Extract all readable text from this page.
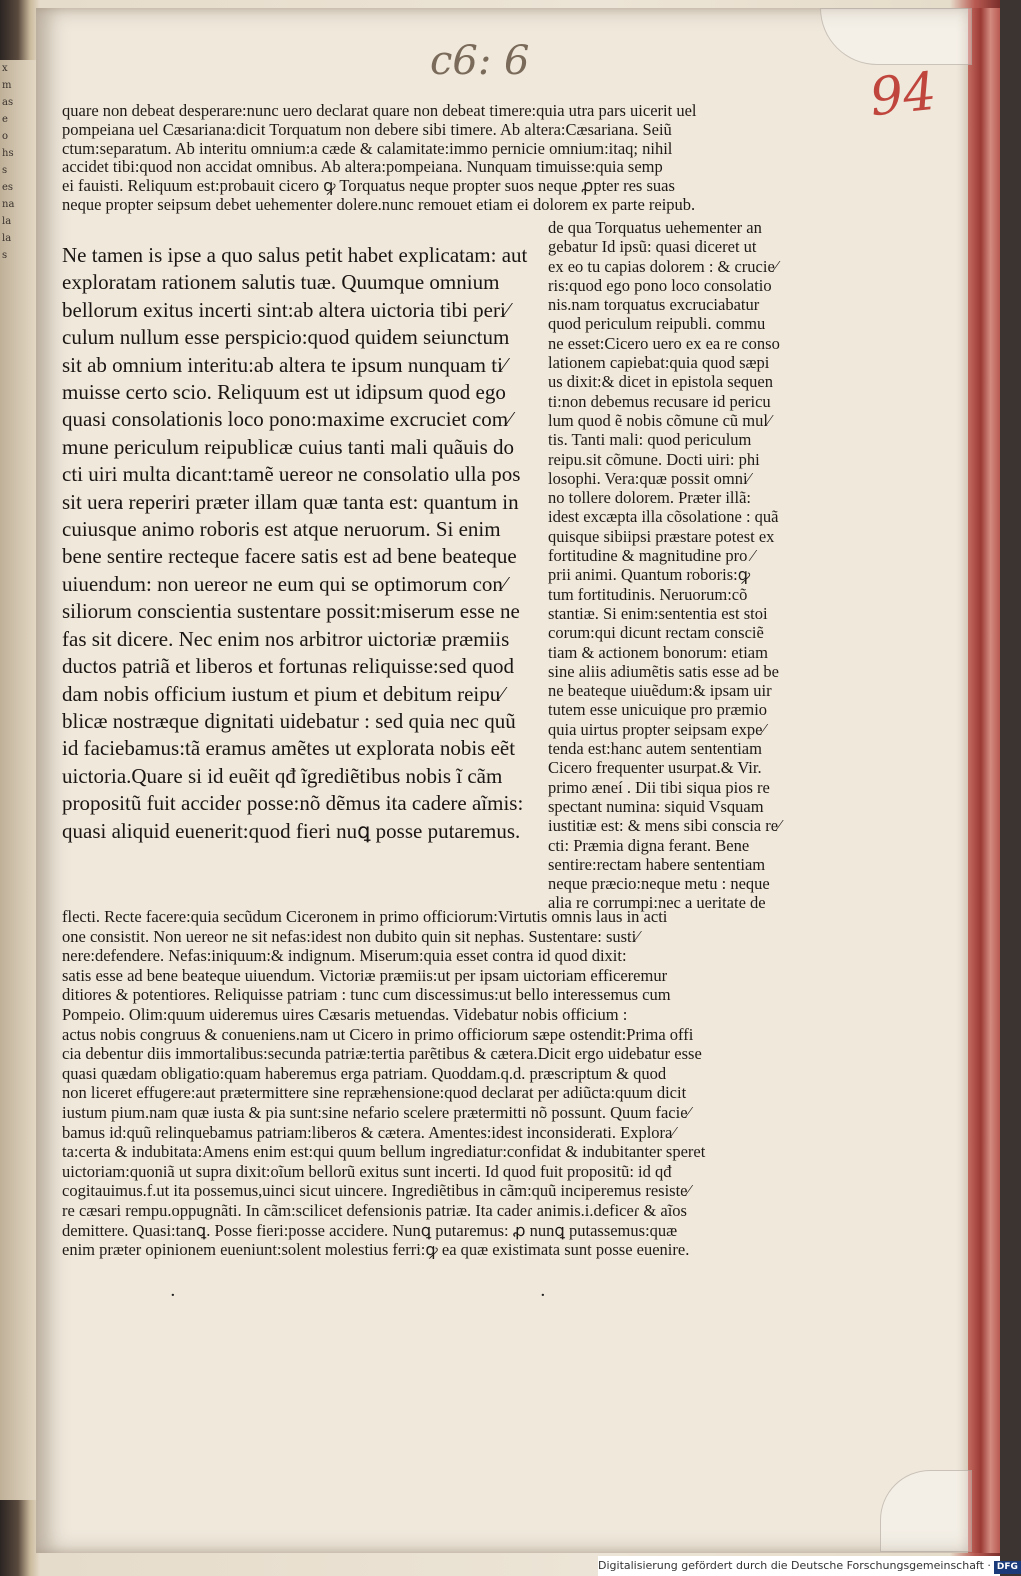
x
m
as
e
o
hs
s
es
na
la
la
s
c6: 6
94

quare non debeat desperare:nunc uero declarat quare non debeat timere:quia utra pars uicerit uel

pompeiana uel Cæsariana:dicit Torquatum non debere sibi timere. Ab altera:Cæsariana. Seiũ

ctum:separatum. Ab interitu omnium:a cæde & calamitate:immo pernicie omnium:itaq; nihil

accidet tibi:quod non accidat omnibus. Ab altera:pompeiana. Nunquam timuisse:quia semp

ei fauisti. Reliquum est:probauit cicero ꝙ Torquatus neque propter suos neque ꝓpter res suas

neque propter seipsum debet uehementer dolere.nunc remouet etiam ei dolorem ex parte reipub.

Ne tamen is ipse a quo salus petit habet explicatam: aut

exploratam rationem salutis tuæ. Quumque omnium

bellorum exitus incerti sint:ab altera uictoria tibi peri⁄

culum nullum esse perspicio:quod quidem seiunctum

sit ab omnium interitu:ab altera te ipsum nunquam ti⁄

muisse certo scio. Reliquum est ut idipsum quod ego

quasi consolationis loco pono:maxime excruciet com⁄

mune periculum reipublicæ cuius tanti mali quãuis do

cti uiri multa dicant:tamẽ uereor ne consolatio ulla pos

sit uera reperiri præter illam quæ tanta est: quantum in

cuiusque animo roboris est atque neruorum. Si enim

bene sentire recteque facere satis est ad bene beateque

uiuendum: non uereor ne eum qui se optimorum con⁄

siliorum conscientia sustentare possit:miserum esse ne

fas sit dicere. Nec enim nos arbitror uictoriæ præmiis

ductos patriã et liberos et fortunas reliquisse:sed quod

dam nobis officium iustum et pium et debitum reipu⁄

blicæ nostræque dignitati uidebatur : sed quia nec quũ

id faciebamus:tã eramus amẽtes ut explorata nobis eẽt

uictoria.Quare si id euẽit qđ ĩgrediẽtibus nobis ĩ cãm

propositũ fuit accideɾ posse:nõ dẽmus ita cadere aĩmis:

quasi aliquid euenerit:quod fieri nuꝗ posse putaremus.

de qua Torquatus uehementer an

gebatur Id ipsũ: quasi diceret ut

ex eo tu capias dolorem : & crucie⁄

ris:quod ego pono loco consolatio

nis.nam torquatus excruciabatur

quod periculum reipubli. commu

ne esset:Cicero uero ex ea re conso

lationem capiebat:quia quod sæpi

us dixit:& dicet in epistola sequen

ti:non debemus recusare id pericu

lum quod ẽ nobis cõmune cũ mul⁄

tis. Tanti mali: quod periculum

reipu.sit cõmune. Docti uiri: phi

losophi. Vera:quæ possit omni⁄

no tollere dolorem. Præter illã:

idest excæpta illa cõsolatione : quã

quisque sibiipsi præstare potest ex

fortitudine & magnitudine pro ⁄

prii animi. Quantum roboris:ꝙ

tum fortitudinis. Neruorum:cõ

stantiæ. Si enim:sententia est stoi

corum:qui dicunt rectam consciẽ

tiam & actionem bonorum: etiam

sine aliis adiumẽtis satis esse ad be

ne beateque uiuẽdum:& ipsam uir

tutem esse unicuique pro præmio

quia uirtus propter seipsam expe⁄

tenda est:hanc autem sententiam

Cicero frequenter usurpat.& Vir.

primo æneí . Dii tibi siqua pios re

spectant numina: siquid Vsquam

iustitiæ est: & mens sibi conscia re⁄

cti: Præmia digna ferant. Bene

sentire:rectam habere sententiam

neque præcio:neque metu : neque

alia re corrumpi:nec a ueritate de

flecti. Recte facere:quia secũdum Ciceronem in primo officiorum:Virtutis omnis laus in acti

one consistit. Non uereor ne sit nefas:idest non dubito quin sit nephas. Sustentare: susti⁄

nere:defendere. Nefas:iniquum:& indignum. Miserum:quia esset contra id quod dixit:

satis esse ad bene beateque uiuendum. Victoriæ præmiis:ut per ipsam uictoriam efficeremur

ditiores & potentiores. Reliquisse patriam : tunc cum discessimus:ut bello interessemus cum

Pompeio. Olim:quum uideremus uires Cæsaris metuendas. Videbatur nobis officium :

actus nobis congruus & conueniens.nam ut Cicero in primo officiorum sæpe ostendit:Prima offi

cia debentur diis immortalibus:secunda patriæ:tertia parẽtibus & cætera.Dicit ergo uidebatur esse

quasi quædam obligatio:quam haberemus erga patriam. Quoddam.q.d. præscriptum & quod

non liceret effugere:aut prætermittere sine repræhensione:quod declarat per adiũcta:quum dicit

iustum pium.nam quæ iusta & pia sunt:sine nefario scelere prætermitti nõ possunt. Quum facie⁄

bamus id:quũ relinquebamus patriam:liberos & cætera. Amentes:idest inconsiderati. Explora⁄

ta:certa & indubitata:Amens enim est:qui quum bellum ingrediatur:confidat & indubitanter speret

uictoriam:quoniã ut supra dixit:oĩum bellorũ exitus sunt incerti. Id quod fuit propositũ: id qđ

cogitauimus.f.ut ita possemus,uinci sicut uincere. Ingrediẽtibus in cãm:quũ inciperemus resiste⁄

re cæsari rempu.oppugnãti. In cãm:scilicet defensionis patriæ. Ita cadeɾ animis.i.deficeɾ & aĩos

demittere. Quasi:tanꝗ. Posse fieri:posse accidere. Nunꝗ putaremus: ꝓ nunꝗ putassemus:quæ

enim præter opinionem eueniunt:solent molestius ferri:ꝙ ea quæ existimata sunt posse euenire.

·	·
Digitalisierung gefördert durch die Deutsche Forschungsgemeinschaft · DFG
